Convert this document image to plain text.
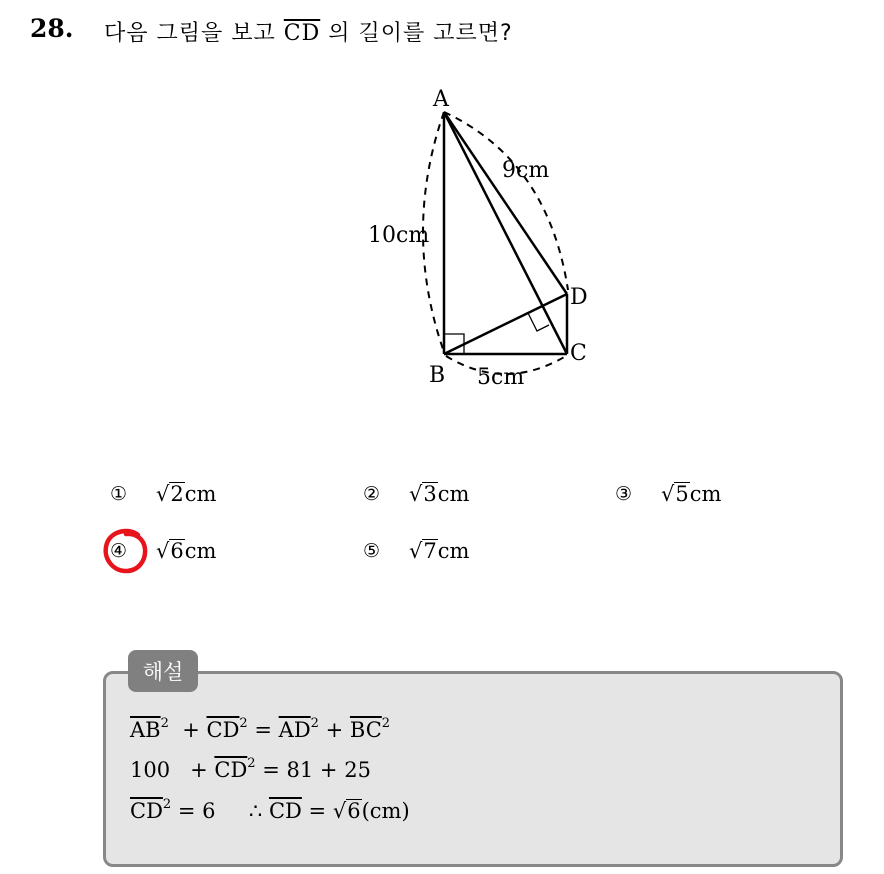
28. 다음 그림을 보고 $\overline{CD}$ 의 길이를 고르면?
A
B
C
D
10cm
9cm
5cm
①	√2 cm	②	√3 cm	③	√5 cm
④	√6 cm	⑤	√7 cm
해설
$\overline{AB}^2 + \overline{CD}^2 = \overline{AD}^2 + \overline{BC}^2$
$100 + \overline{CD}^2 = 81 + 25$
$\overline{CD}^2 = 6$ ∴ $\overline{CD} = √6(cm)$
